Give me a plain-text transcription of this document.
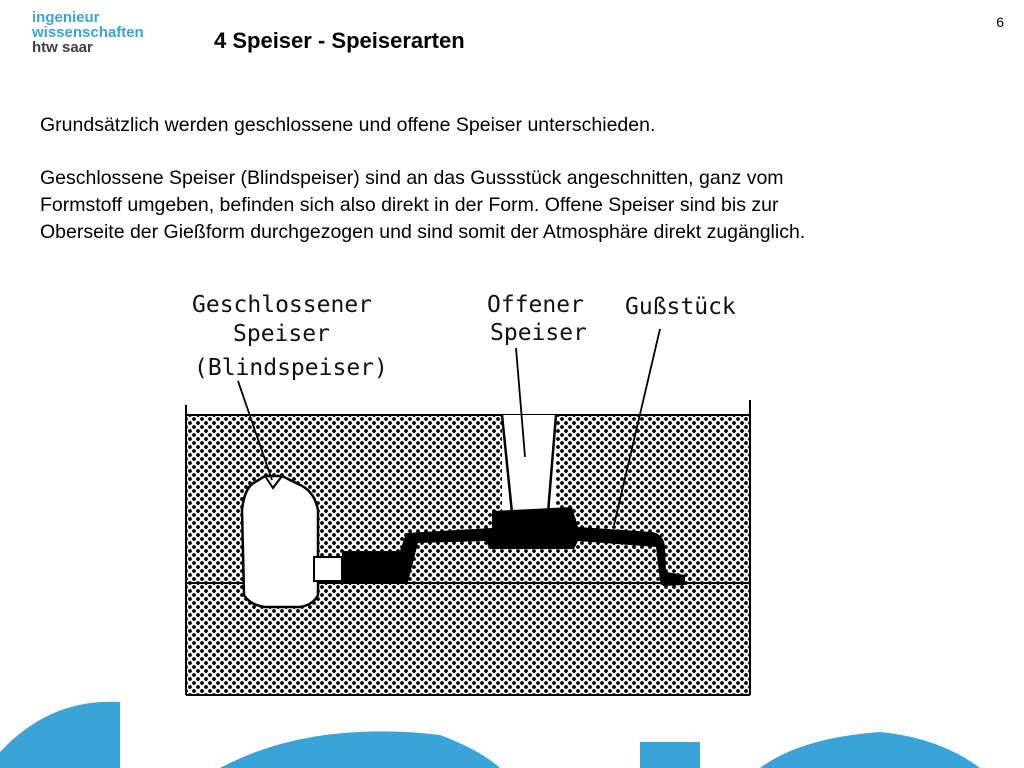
ingenieur
wissenschaften
htw saar	4 Speiser - Speiserarten
6

Grundsätzlich werden geschlossene und offene Speiser unterschieden.

Geschlossene Speiser (Blindspeiser) sind an das Gussstück angeschnitten, ganz vom
Formstoff umgeben, befinden sich also direkt in der Form. Offene Speiser sind bis zur
Oberseite der Gießform durchgezogen und sind somit der Atmosphäre direkt zugänglich.

Geschlossener
Speiser
(Blindspeiser)
Offener
Speiser
Gußstück
